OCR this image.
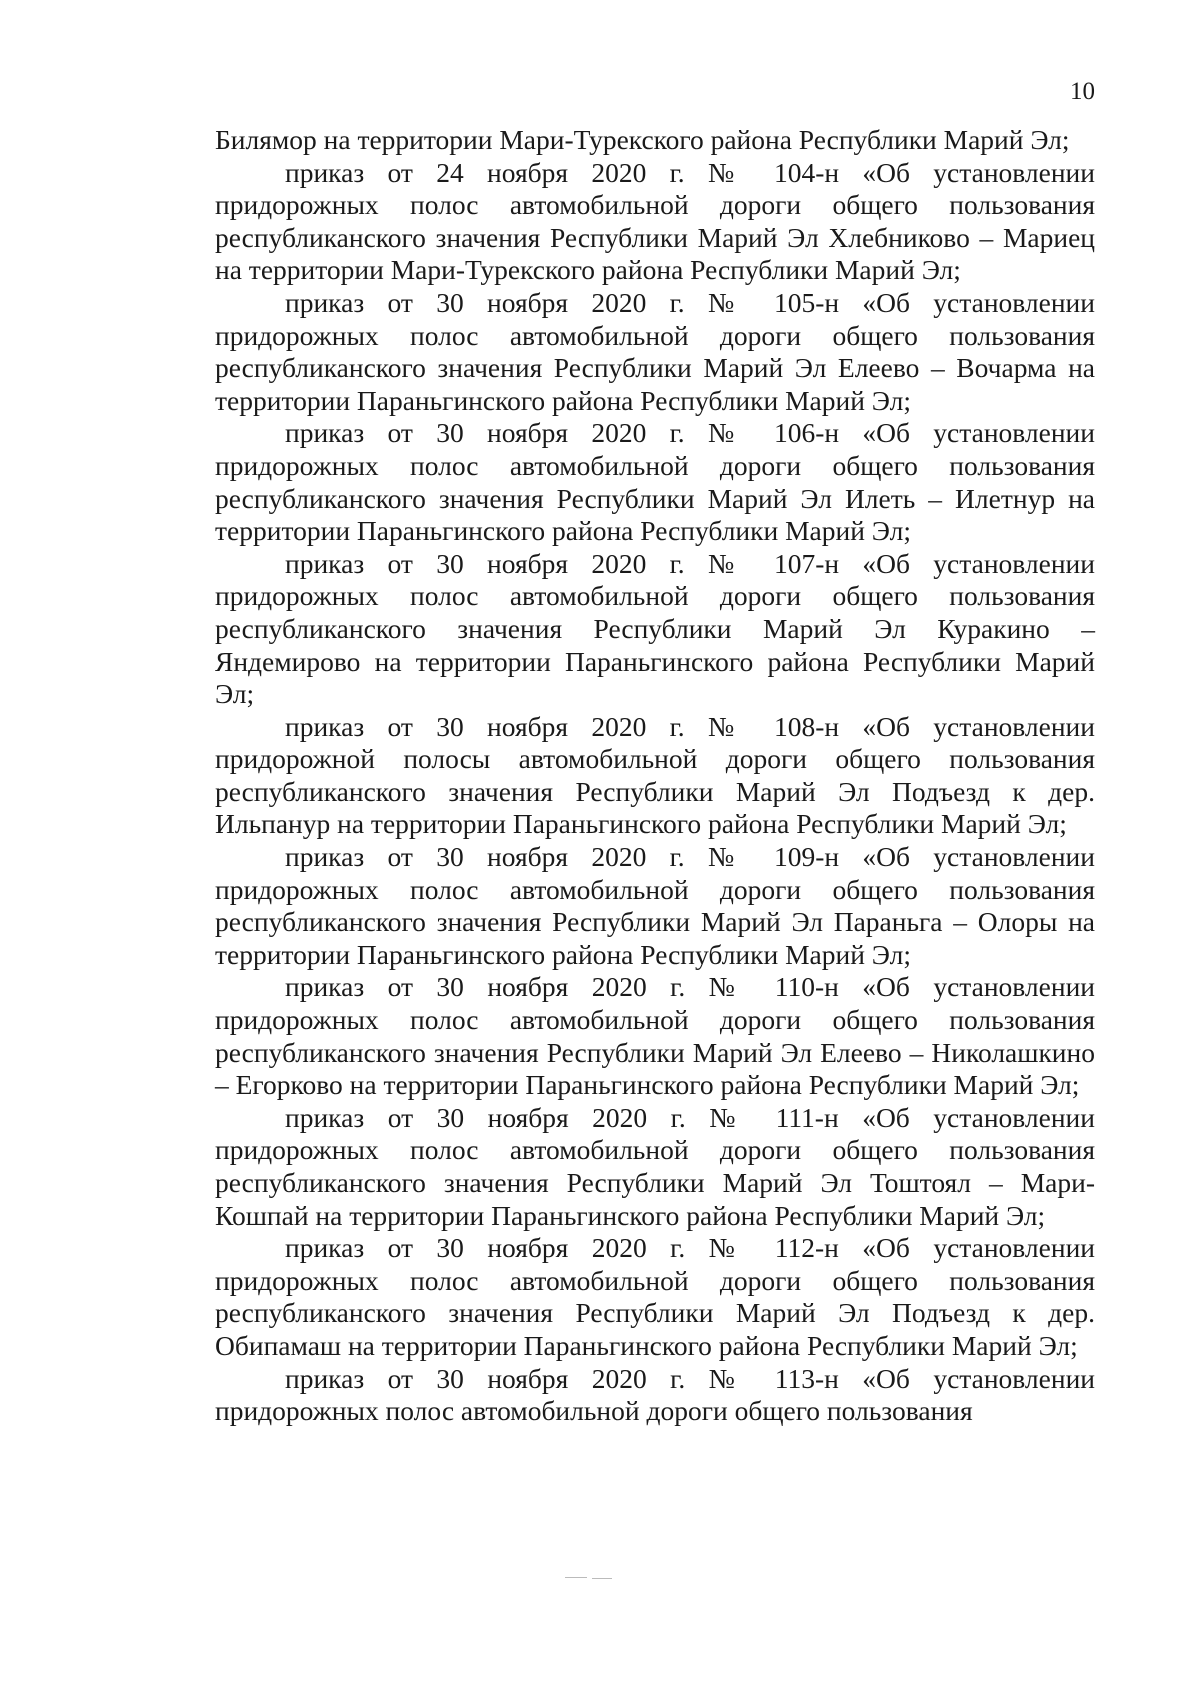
10

Билямор на территории Мари-Турекского района Республики Марий Эл;

приказ от 24 ноября 2020 г. № 104-н «Об установлении придорожных полос автомобильной дороги общего пользования республиканского значения Республики Марий Эл Хлебниково – Мариец на территории Мари-Турекского района Республики Марий Эл;

приказ от 30 ноября 2020 г. № 105-н «Об установлении придорожных полос автомобильной дороги общего пользования республиканского значения Республики Марий Эл Елеево – Вочарма на территории Параньгинского района Республики Марий Эл;

приказ от 30 ноября 2020 г. № 106-н «Об установлении придорожных полос автомобильной дороги общего пользования республиканского значения Республики Марий Эл Илеть – Илетнур на территории Параньгинского района Республики Марий Эл;

приказ от 30 ноября 2020 г. № 107-н «Об установлении придорожных полос автомобильной дороги общего пользования республиканского значения Республики Марий Эл Куракино – Яндемирово на территории Параньгинского района Республики Марий Эл;

приказ от 30 ноября 2020 г. № 108-н «Об установлении придорожной полосы автомобильной дороги общего пользования республиканского значения Республики Марий Эл Подъезд к дер. Ильпанур на территории Параньгинского района Республики Марий Эл;

приказ от 30 ноября 2020 г. № 109-н «Об установлении придорожных полос автомобильной дороги общего пользования республиканского значения Республики Марий Эл Параньга – Олоры на территории Параньгинского района Республики Марий Эл;

приказ от 30 ноября 2020 г. № 110-н «Об установлении придорожных полос автомобильной дороги общего пользования республиканского значения Республики Марий Эл Елеево – Николашкино – Егорково на территории Параньгинского района Республики Марий Эл;

приказ от 30 ноября 2020 г. № 111-н «Об установлении придорожных полос автомобильной дороги общего пользования республиканского значения Республики Марий Эл Тоштоял – Мари-Кошпай на территории Параньгинского района Республики Марий Эл;

приказ от 30 ноября 2020 г. № 112-н «Об установлении придорожных полос автомобильной дороги общего пользования республиканского значения Республики Марий Эл Подъезд к дер. Обипамаш на территории Параньгинского района Республики Марий Эл;

приказ от 30 ноября 2020 г. № 113-н «Об установлении придорожных полос автомобильной дороги общего пользования
